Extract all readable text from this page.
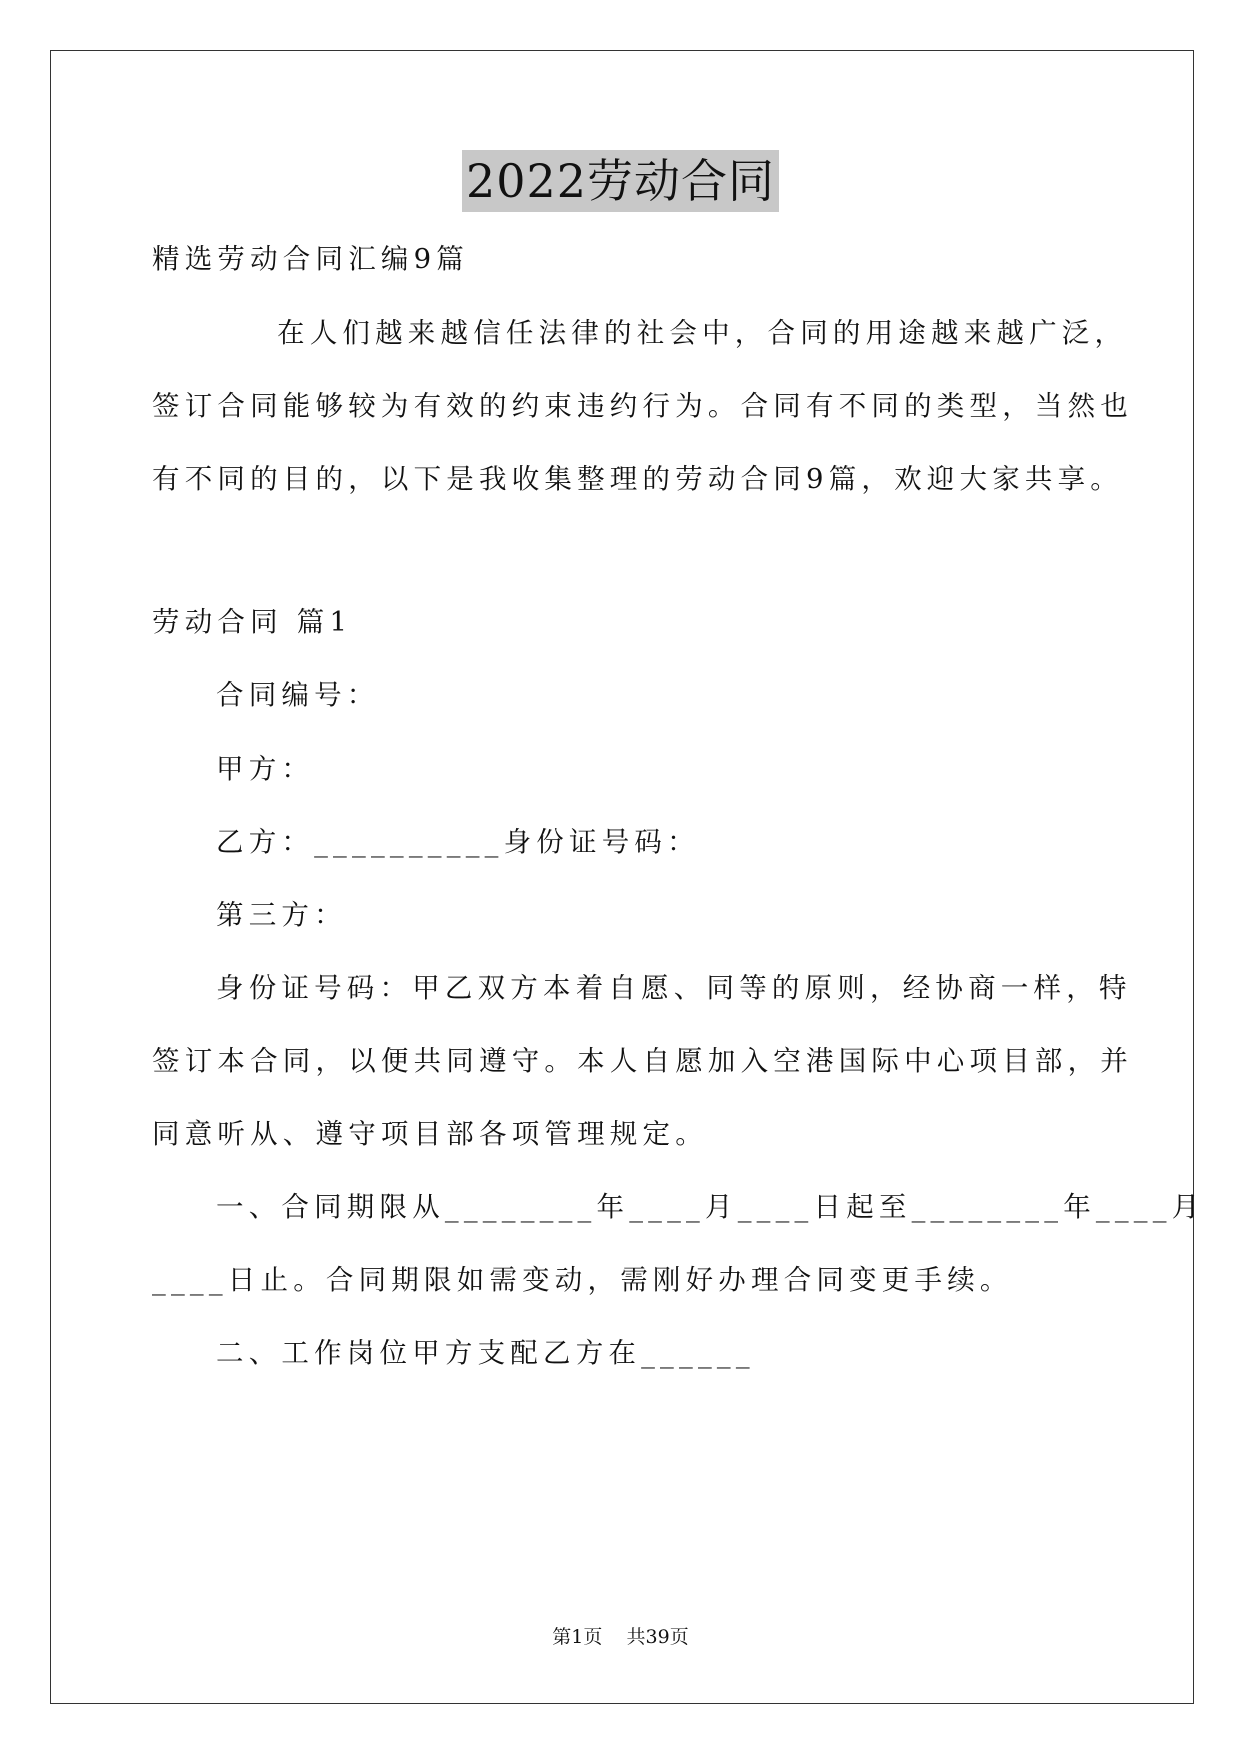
2022劳动合同
精选劳动合同汇编9篇
在人们越来越信任法律的社会中，合同的用途越来越广泛，
签订合同能够较为有效的约束违约行为。合同有不同的类型，当然也
有不同的目的，以下是我收集整理的劳动合同9篇，欢迎大家共享。
劳动合同 篇1
合同编号：
甲方：
乙方：__________身份证号码：
第三方：
身份证号码：甲乙双方本着自愿、同等的原则，经协商一样，特
签订本合同，以便共同遵守。本人自愿加入空港国际中心项目部，并
同意听从、遵守项目部各项管理规定。
一、合同期限从________年____月____日起至________年____月
____日止。合同期限如需变动，需刚好办理合同变更手续。
二、工作岗位甲方支配乙方在______
第1页    共39页
